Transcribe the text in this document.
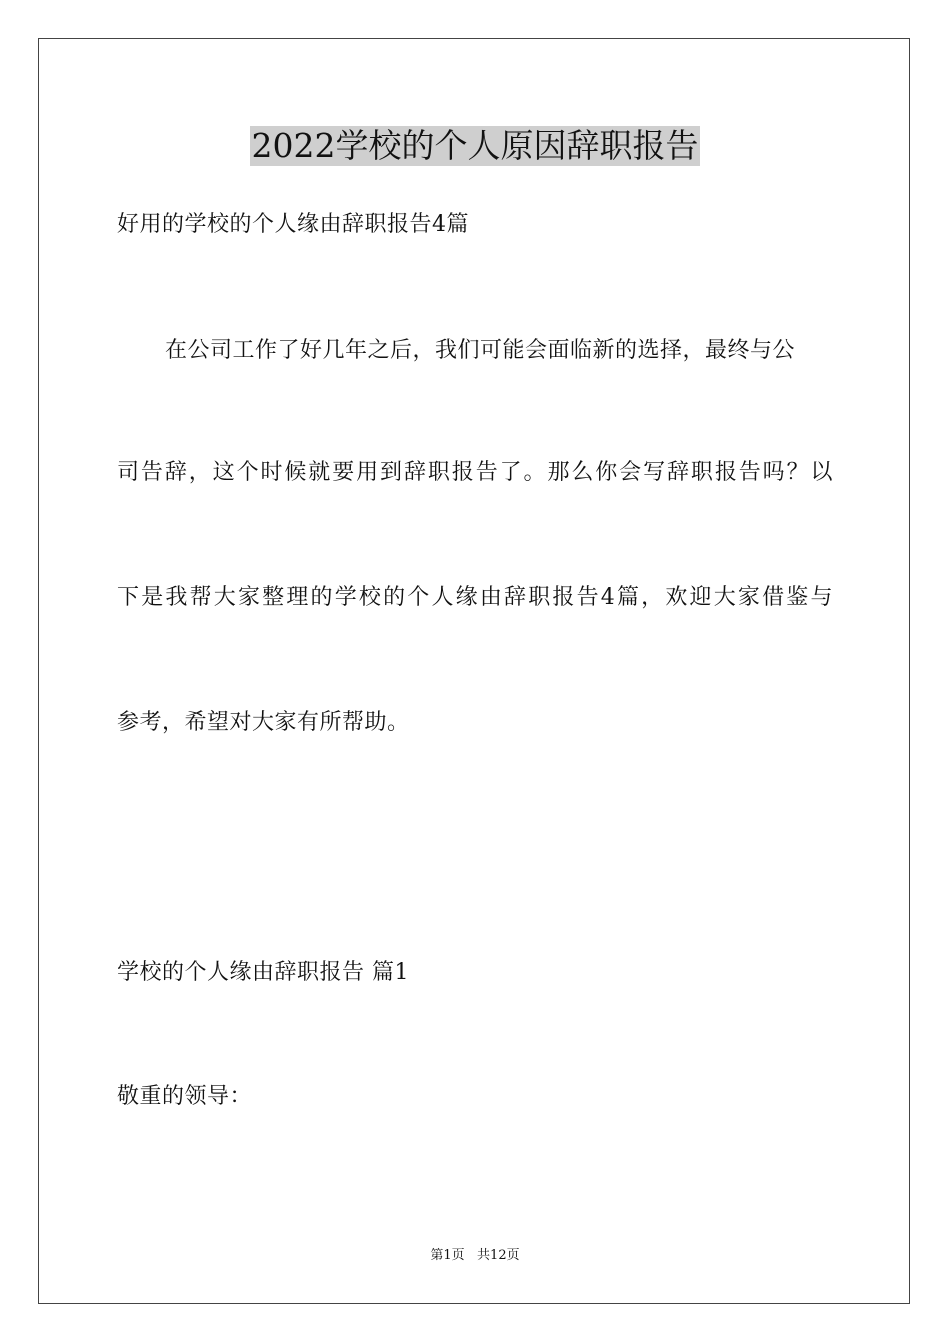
2022学校的个人原因辞职报告

好用的学校的个人缘由辞职报告4篇

在公司工作了好几年之后，我们可能会面临新的选择，最终与公

司告辞，这个时候就要用到辞职报告了。那么你会写辞职报告吗？以

下是我帮大家整理的学校的个人缘由辞职报告4篇，欢迎大家借鉴与

参考，希望对大家有所帮助。

学校的个人缘由辞职报告 篇1

敬重的领导：

第1页   共12页
